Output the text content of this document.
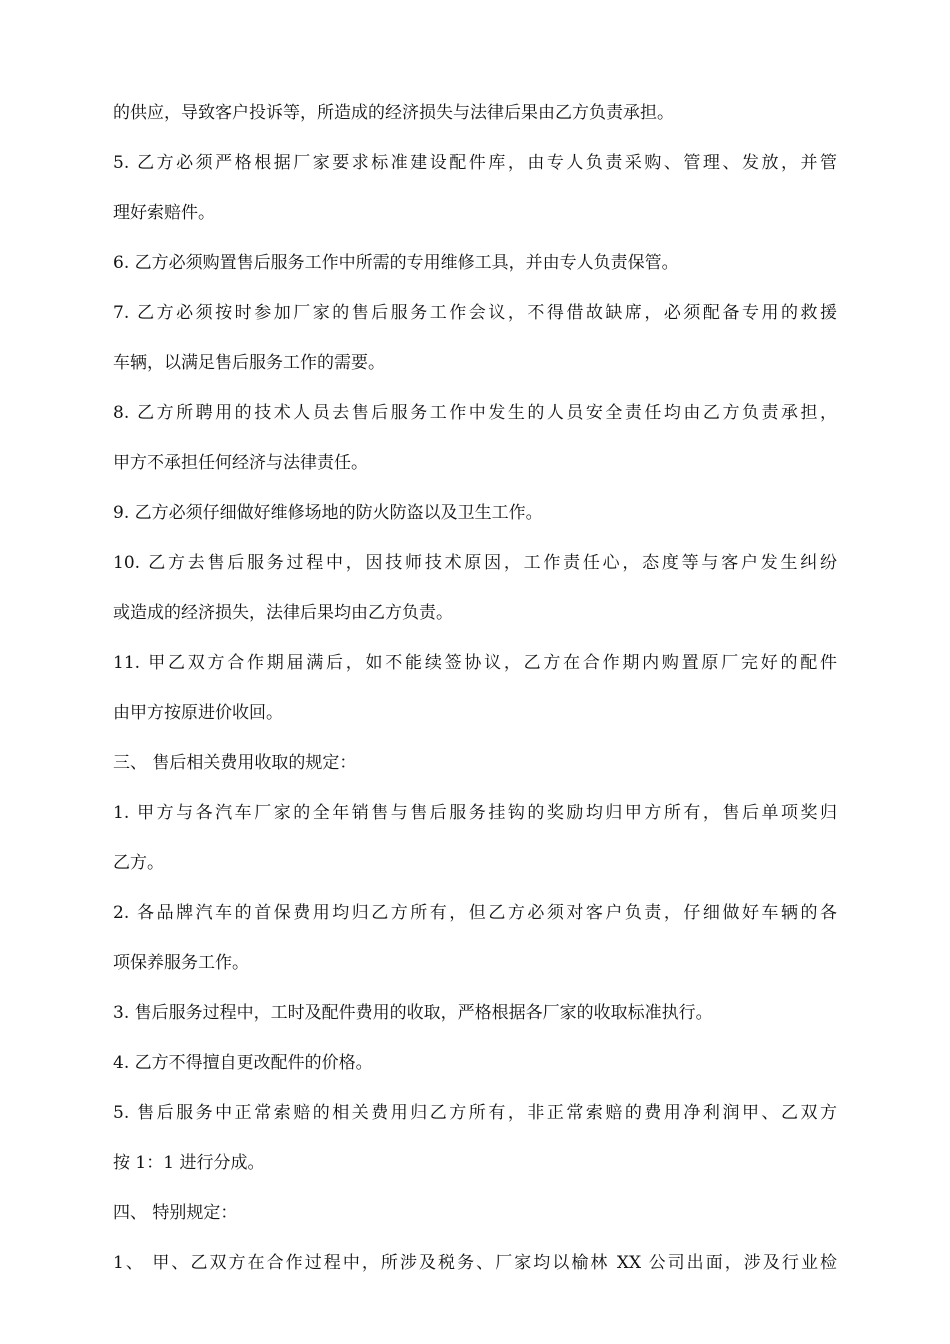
的供应，导致客户投诉等，所造成的经济损失与法律后果由乙方负责承担。
5. 乙方必须严格根据厂家要求标准建设配件库，由专人负责采购、管理、发放，并管
理好索赔件。
6. 乙方必须购置售后服务工作中所需的专用维修工具，并由专人负责保管。
7. 乙方必须按时参加厂家的售后服务工作会议，不得借故缺席，必须配备专用的救援
车辆，以满足售后服务工作的需要。
8. 乙方所聘用的技术人员去售后服务工作中发生的人员安全责任均由乙方负责承担，
甲方不承担任何经济与法律责任。
9. 乙方必须仔细做好维修场地的防火防盗以及卫生工作。
10. 乙方去售后服务过程中，因技师技术原因，工作责任心，态度等与客户发生纠纷
或造成的经济损失，法律后果均由乙方负责。
11. 甲乙双方合作期届满后，如不能续签协议，乙方在合作期内购置原厂完好的配件
由甲方按原进价收回。
三、 售后相关费用收取的规定：
1. 甲方与各汽车厂家的全年销售与售后服务挂钩的奖励均归甲方所有，售后单项奖归
乙方。
2. 各品牌汽车的首保费用均归乙方所有，但乙方必须对客户负责，仔细做好车辆的各
项保养服务工作。
3. 售后服务过程中，工时及配件费用的收取，严格根据各厂家的收取标准执行。
4. 乙方不得擅自更改配件的价格。
5. 售后服务中正常索赔的相关费用归乙方所有，非正常索赔的费用净利润甲、乙双方
按 1：1 进行分成。
四、 特别规定：
1、 甲、乙双方在合作过程中，所涉及税务、厂家均以榆林 XX 公司出面，涉及行业检
